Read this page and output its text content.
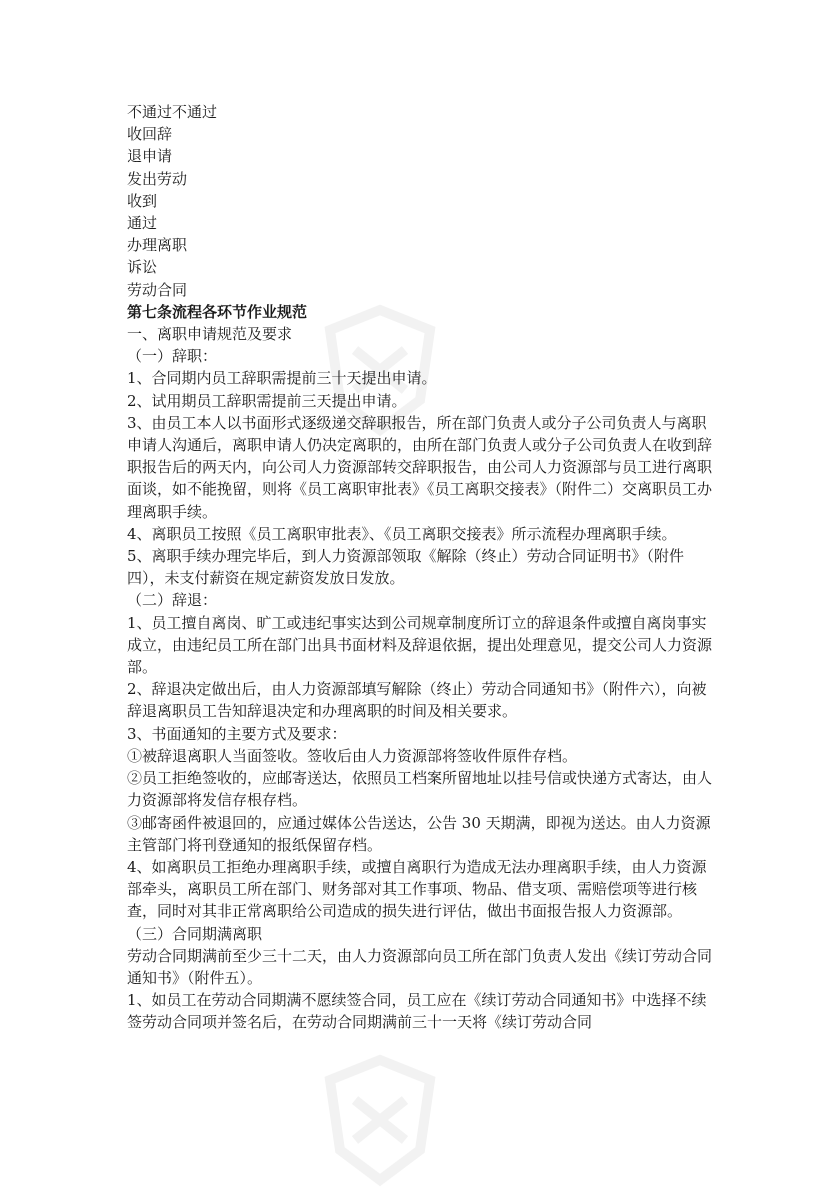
不通过不通过

收回辞

退申请

发出劳动

收到

通过

办理离职

诉讼

劳动合同

第七条流程各环节作业规范

一、离职申请规范及要求

（一）辞职：

1、合同期内员工辞职需提前三十天提出申请。

2、试用期员工辞职需提前三天提出申请。

3、由员工本人以书面形式逐级递交辞职报告，所在部门负责人或分子公司负责人与离职申请人沟通后，离职申请人仍决定离职的，由所在部门负责人或分子公司负责人在收到辞职报告后的两天内，向公司人力资源部转交辞职报告，由公司人力资源部与员工进行离职面谈，如不能挽留，则将《员工离职审批表》《员工离职交接表》（附件二）交离职员工办理离职手续。

4、离职员工按照《员工离职审批表》、《员工离职交接表》所示流程办理离职手续。

5、离职手续办理完毕后，到人力资源部领取《解除（终止）劳动合同证明书》（附件四），未支付薪资在规定薪资发放日发放。

（二）辞退：

1、员工擅自离岗、旷工或违纪事实达到公司规章制度所订立的辞退条件或擅自离岗事实成立，由违纪员工所在部门出具书面材料及辞退依据，提出处理意见，提交公司人力资源部。

2、辞退决定做出后，由人力资源部填写解除（终止）劳动合同通知书》（附件六），向被辞退离职员工告知辞退决定和办理离职的时间及相关要求。

3、书面通知的主要方式及要求：

①被辞退离职人当面签收。签收后由人力资源部将签收件原件存档。

②员工拒绝签收的，应邮寄送达，依照员工档案所留地址以挂号信或快递方式寄达，由人力资源部将发信存根存档。

③邮寄函件被退回的，应通过媒体公告送达，公告 30 天期满，即视为送达。由人力资源主管部门将刊登通知的报纸保留存档。

4、如离职员工拒绝办理离职手续，或擅自离职行为造成无法办理离职手续，由人力资源部牵头，离职员工所在部门、财务部对其工作事项、物品、借支项、需赔偿项等进行核查，同时对其非正常离职给公司造成的损失进行评估，做出书面报告报人力资源部。

（三）合同期满离职

劳动合同期满前至少三十二天，由人力资源部向员工所在部门负责人发出《续订劳动合同通知书》（附件五）。

1、如员工在劳动合同期满不愿续签合同，员工应在《续订劳动合同通知书》中选择不续签劳动合同项并签名后，在劳动合同期满前三十一天将《续订劳动合同
